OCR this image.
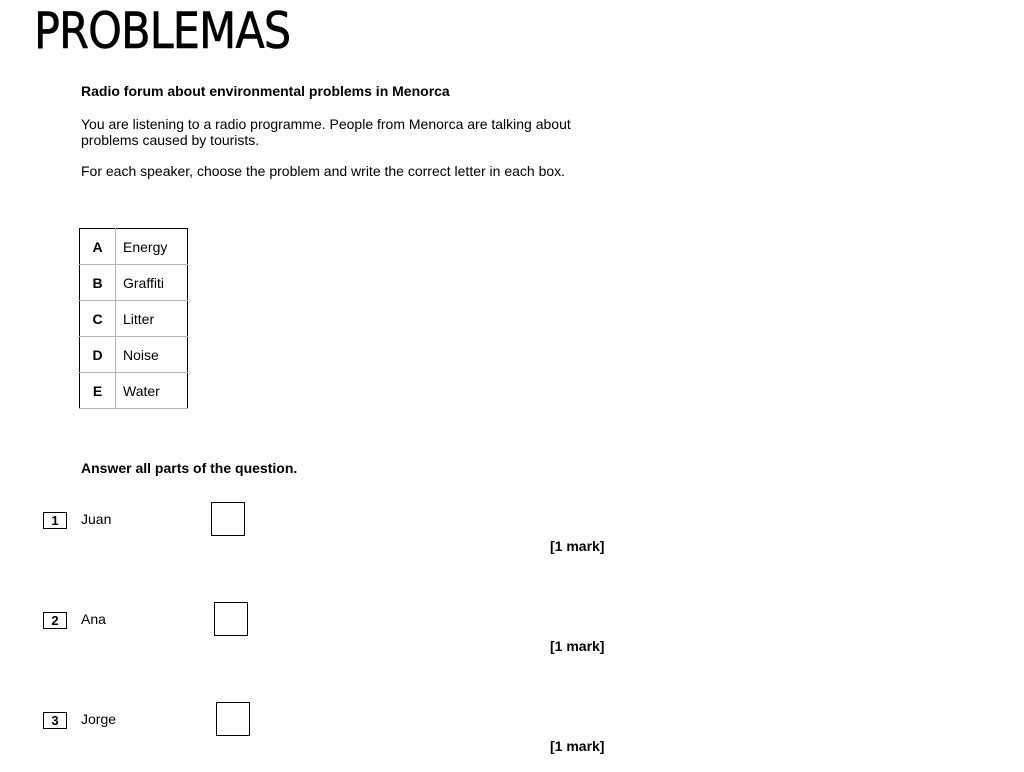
PROBLEMAS
Radio forum about environmental problems in Menorca

You are listening to a radio programme. People from Menorca are talking about problems caused by tourists.

For each speaker, choose the problem and write the correct letter in each box.

A	Energy
B	Graffiti
C	Litter
D	Noise
E	Water
Answer all parts of the question.
1	Juan
[1 mark]
2	Ana
[1 mark]
3	Jorge
[1 mark]
